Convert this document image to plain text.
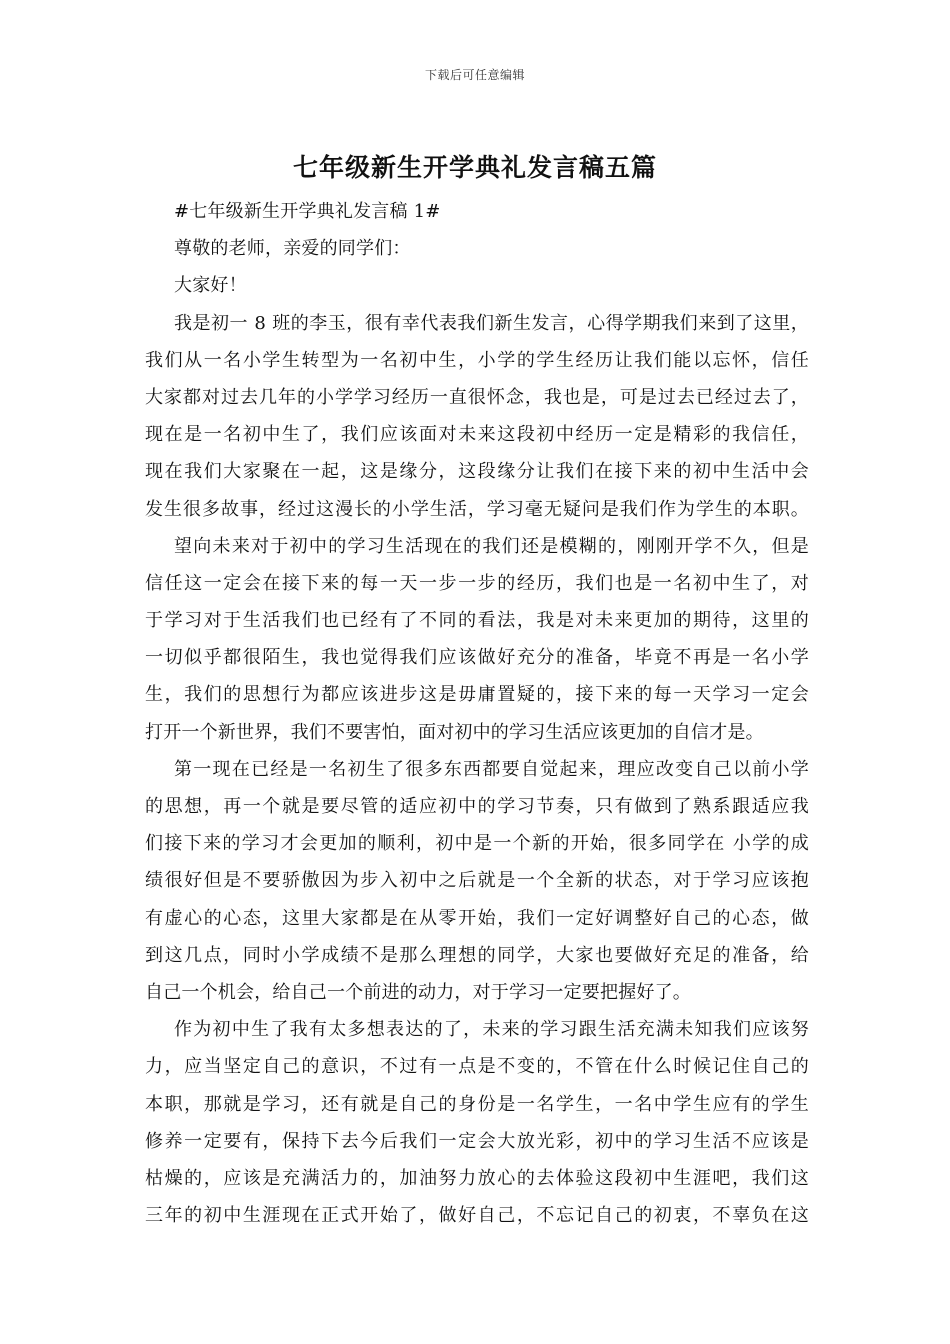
下载后可任意编辑
七年级新生开学典礼发言稿五篇
#七年级新生开学典礼发言稿 1#
尊敬的老师，亲爱的同学们：
大家好！
我是初一 8 班的李玉，很有幸代表我们新生发言，心得学期我们来到了这里，
我们从一名小学生转型为一名初中生，小学的学生经历让我们能以忘怀，信任
大家都对过去几年的小学学习经历一直很怀念，我也是，可是过去已经过去了，
现在是一名初中生了，我们应该面对未来这段初中经历一定是精彩的我信任，
现在我们大家聚在一起，这是缘分，这段缘分让我们在接下来的初中生活中会
发生很多故事，经过这漫长的小学生活，学习毫无疑问是我们作为学生的本职。
望向未来对于初中的学习生活现在的我们还是模糊的，刚刚开学不久，但是
信任这一定会在接下来的每一天一步一步的经历，我们也是一名初中生了，对
于学习对于生活我们也已经有了不同的看法，我是对未来更加的期待，这里的
一切似乎都很陌生，我也觉得我们应该做好充分的准备，毕竟不再是一名小学
生，我们的思想行为都应该进步这是毋庸置疑的，接下来的每一天学习一定会
打开一个新世界，我们不要害怕，面对初中的学习生活应该更加的自信才是。
第一现在已经是一名初生了很多东西都要自觉起来，理应改变自己以前小学
的思想，再一个就是要尽管的适应初中的学习节奏，只有做到了熟系跟适应我
们接下来的学习才会更加的顺利，初中是一个新的开始，很多同学在 小学的成
绩很好但是不要骄傲因为步入初中之后就是一个全新的状态，对于学习应该抱
有虚心的心态，这里大家都是在从零开始，我们一定好调整好自己的心态，做
到这几点，同时小学成绩不是那么理想的同学，大家也要做好充足的准备，给
自己一个机会，给自己一个前进的动力，对于学习一定要把握好了。
作为初中生了我有太多想表达的了，未来的学习跟生活充满未知我们应该努
力，应当坚定自己的意识，不过有一点是不变的，不管在什么时候记住自己的
本职，那就是学习，还有就是自己的身份是一名学生，一名中学生应有的学生
修养一定要有，保持下去今后我们一定会大放光彩，初中的学习生活不应该是
枯燥的，应该是充满活力的，加油努力放心的去体验这段初中生涯吧，我们这
三年的初中生涯现在正式开始了，做好自己，不忘记自己的初衷，不辜负在这
